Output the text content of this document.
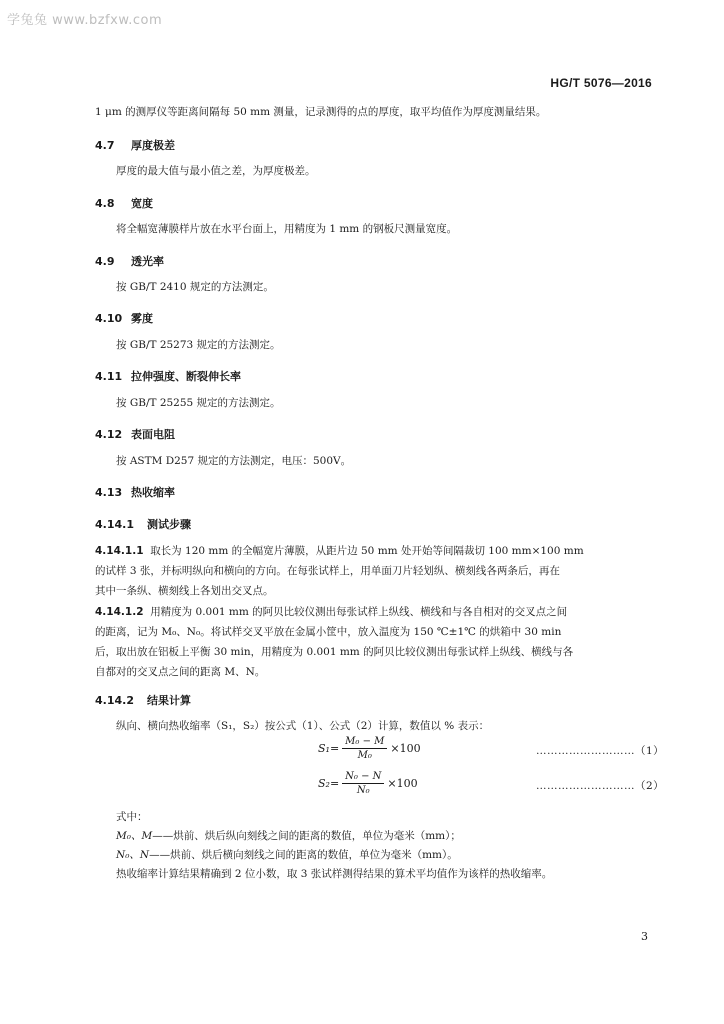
学兔兔 www.bzfxw.com
HG/T 5076—2016
1 μm 的测厚仪等距离间隔每 50 mm 测量，记录测得的点的厚度，取平均值作为厚度测量结果。
4.7 厚度极差
厚度的最大值与最小值之差，为厚度极差。
4.8 宽度
将全幅宽薄膜样片放在水平台面上，用精度为 1 mm 的钢板尺测量宽度。
4.9 透光率
按 GB/T 2410 规定的方法测定。
4.10 雾度
按 GB/T 25273 规定的方法测定。
4.11 拉伸强度、断裂伸长率
按 GB/T 25255 规定的方法测定。
4.12 表面电阻
按 ASTM D257 规定的方法测定，电压：500V。
4.13 热收缩率
4.14.1 测试步骤

4.14.1.1 取长为 120 mm 的全幅宽片薄膜，从距片边 50 mm 处开始等间隔裁切 100 mm×100 mm

的试样 3 张，并标明纵向和横向的方向。在每张试样上，用单面刀片轻划纵、横刻线各两条后，再在

其中一条纵、横刻线上各划出交叉点。

4.14.1.2 用精度为 0.001 mm 的阿贝比较仪测出每张试样上纵线、横线和与各自相对的交叉点之间

的距离，记为 M₀、N₀。将试样交叉平放在金属小筐中，放入温度为 150 ℃±1℃ 的烘箱中 30 min

后，取出放在铝板上平衡 30 min，用精度为 0.001 mm 的阿贝比较仪测出每张试样上纵线、横线与各

自都对的交叉点之间的距离 M、N。

4.14.2 结果计算
纵向、横向热收缩率（S₁，S₂）按公式（1）、公式（2）计算，数值以 % 表示：
$S_1 = \frac{\text{M₀ − M}}{\text{M₀}} \times 100$	………………………（1）
$S_2 = \frac{\text{N₀ − N}}{\text{N₀}} \times 100$	………………………（2）
式中：
M₀、M——烘前、烘后纵向刻线之间的距离的数值，单位为毫米（mm）；
N₀、N——烘前、烘后横向刻线之间的距离的数值，单位为毫米（mm）。
热收缩率计算结果精确到 2 位小数，取 3 张试样测得结果的算术平均值作为该样的热收缩率。
3
